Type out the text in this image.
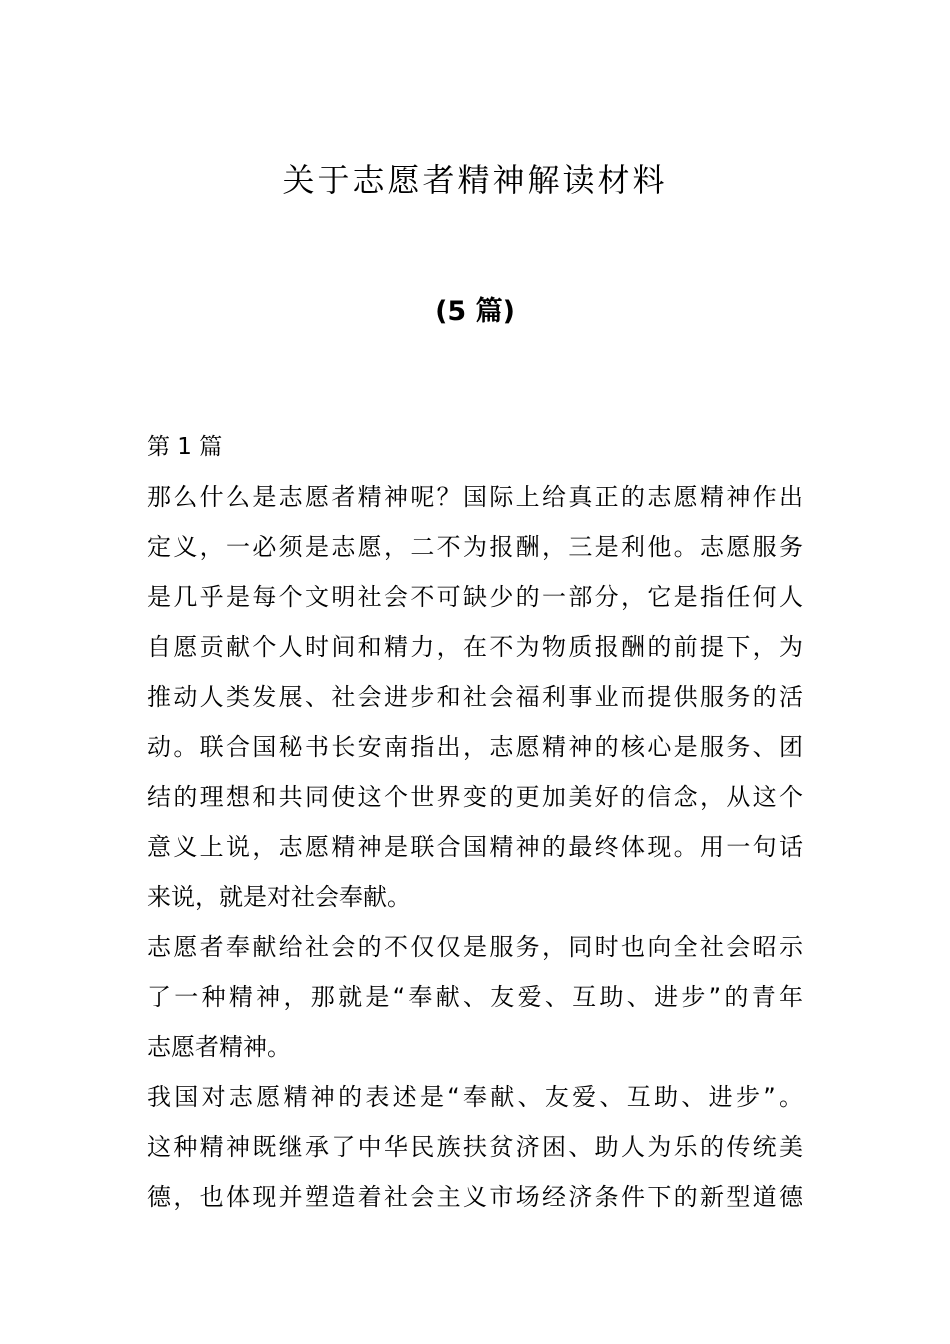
关于志愿者精神解读材料
(5 篇)
第 1 篇
那么什么是志愿者精神呢？国际上给真正的志愿精神作出
定义，一必须是志愿，二不为报酬，三是利他。志愿服务
是几乎是每个文明社会不可缺少的一部分，它是指任何人
自愿贡献个人时间和精力，在不为物质报酬的前提下，为
推动人类发展、社会进步和社会福利事业而提供服务的活
动。联合国秘书长安南指出，志愿精神的核心是服务、团
结的理想和共同使这个世界变的更加美好的信念，从这个
意义上说，志愿精神是联合国精神的最终体现。用一句话
来说，就是对社会奉献。
志愿者奉献给社会的不仅仅是服务，同时也向全社会昭示
了一种精神，那就是“奉献、友爱、互助、进步”的青年
志愿者精神。
我国对志愿精神的表述是“奉献、友爱、互助、进步”。
这种精神既继承了中华民族扶贫济困、助人为乐的传统美
德，也体现并塑造着社会主义市场经济条件下的新型道德
